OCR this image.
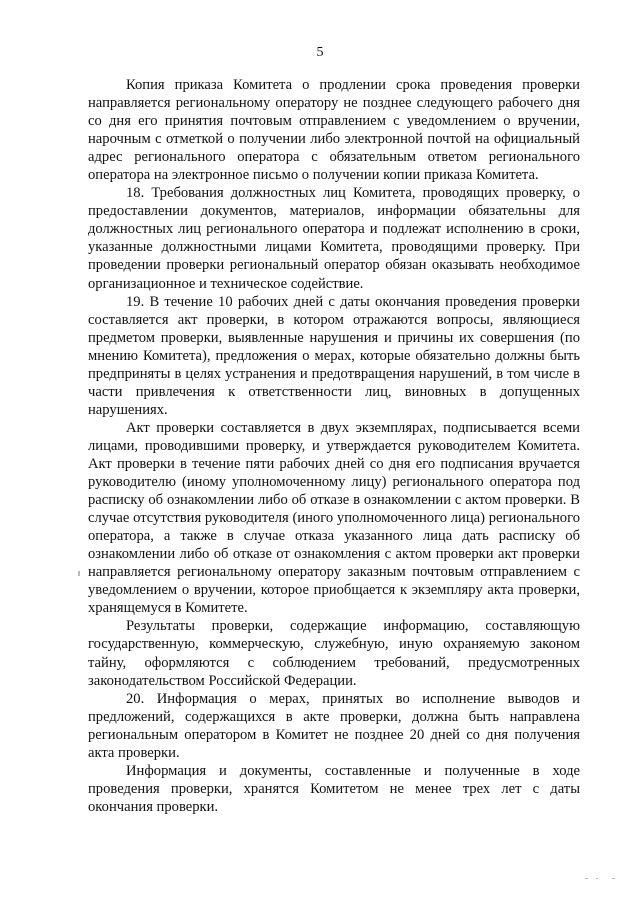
5

Копия приказа Комитета о продлении срока проведения проверки направляется региональному оператору не позднее следующего рабочего дня со дня его принятия почтовым отправлением с уведомлением о вручении, нарочным с отметкой о получении либо электронной почтой на официальный адрес регионального оператора с обязательным ответом регионального оператора на электронное письмо о получении копии приказа Комитета.

18. Требования должностных лиц Комитета, проводящих проверку, о предоставлении документов, материалов, информации обязательны для должностных лиц регионального оператора и подлежат исполнению в сроки, указанные должностными лицами Комитета, проводящими проверку. При проведении проверки региональный оператор обязан оказывать необходимое организационное и техническое содействие.

19. В течение 10 рабочих дней с даты окончания проведения проверки составляется акт проверки, в котором отражаются вопросы, являющиеся предметом проверки, выявленные нарушения и причины их совершения (по мнению Комитета), предложения о мерах, которые обязательно должны быть предприняты в целях устранения и предотвращения нарушений, в том числе в части привлечения к ответственности лиц, виновных в допущенных нарушениях.

Акт проверки составляется в двух экземплярах, подписывается всеми лицами, проводившими проверку, и утверждается руководителем Комитета. Акт проверки в течение пяти рабочих дней со дня его подписания вручается руководителю (иному уполномоченному лицу) регионального оператора под расписку об ознакомлении либо об отказе в ознакомлении с актом проверки. В случае отсутствия руководителя (иного уполномоченного лица) регионального оператора, а также в случае отказа указанного лица дать расписку об ознакомлении либо об отказе от ознакомления с актом проверки акт проверки направляется региональному оператору заказным почтовым отправлением с уведомлением о вручении, которое приобщается к экземпляру акта проверки, хранящемуся в Комитете.

Результаты проверки, содержащие информацию, составляющую государственную, коммерческую, служебную, иную охраняемую законом тайну, оформляются с соблюдением требований, предусмотренных законодательством Российской Федерации.

20. Информация о мерах, принятых во исполнение выводов и предложений, содержащихся в акте проверки, должна быть направлена региональным оператором в Комитет не позднее 20 дней со дня получения акта проверки.

Информация и документы, составленные и полученные в ходе проведения проверки, хранятся Комитетом не менее трех лет с даты окончания проверки.
